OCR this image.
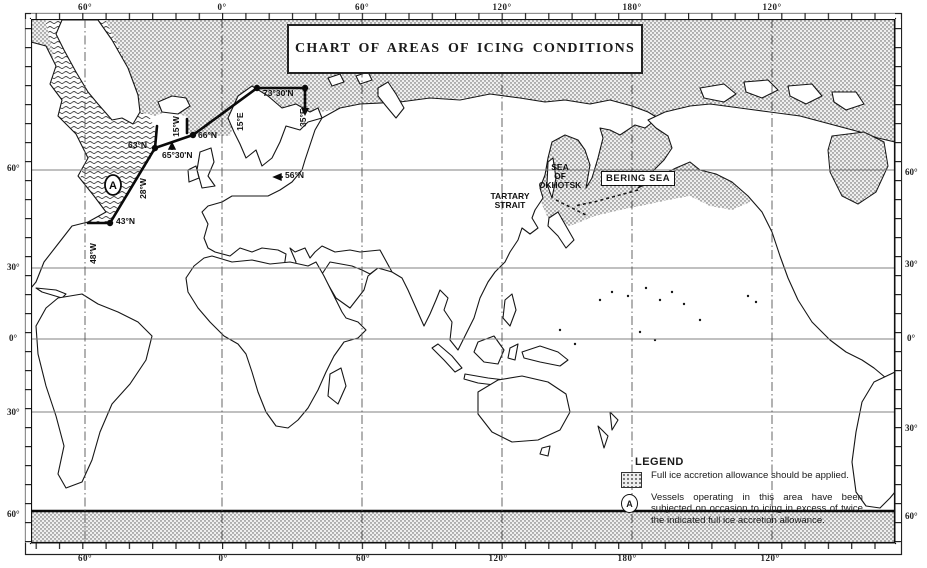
A
60°	0°	60°	120°	180°	120°
60°	0°	60°	120°	180°	120°
60°
30°
0°
30°
60°
60°
30°
0°
30°
60°
CHART OF AREAS OF ICING CONDITIONS
73°30'N
15°E	35°E
15°W 66°N
65°30'N
63°N
28°W
56°N
43°N
48°W
SEA
OF
OKHOTSK
TARTARY
STRAIT
BERING SEA
LEGEND
Full ice accretion allowance should be applied.
A
Vessels operating in this area have been subjected on occasion to icing in excess of twice the indicated full ice accretion allowance.
